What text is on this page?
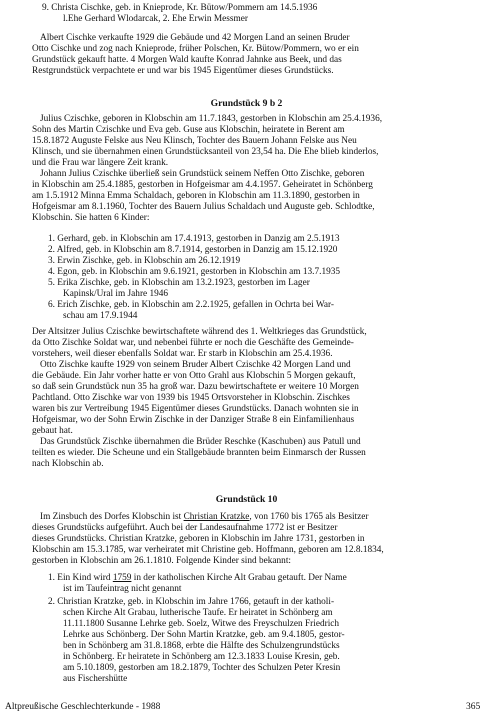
9. Christa Cischke, geb. in Knieprode, Kr. Bütow/Pommern am 14.5.1936
l.Ehe Gerhard Wlodarcak, 2. Ehe Erwin Messmer
Albert Cischke verkaufte 1929 die Gebäude und 42 Morgen Land an seinen Bruder
Otto Cischke und zog nach Knieprode, früher Polschen, Kr. Bütow/Pommern, wo er ein
Grundstück gekauft hatte. 4 Morgen Wald kaufte Konrad Jahnke aus Beek, und das
Restgrundstück verpachtete er und war bis 1945 Eigentümer dieses Grundstücks.
Grundstück 9 b 2
Julius Czischke, geboren in Klobschin am 11.7.1843, gestorben in Klobschin am 25.4.1936,
Sohn des Martin Czischke und Eva geb. Guse aus Klobschin, heiratete in Berent am
15.8.1872 Auguste Felske aus Neu Klinsch, Tochter des Bauern Johann Felske aus Neu
Klinsch, und sie übernahmen einen Grundstücksanteil von 23,54 ha. Die Ehe blieb kinderlos,
und die Frau war längere Zeit krank.
Johann Julius Czischke überließ sein Grundstück seinem Neffen Otto Zischke, geboren
in Klobschin am 25.4.1885, gestorben in Hofgeismar am 4.4.1957. Geheiratet in Schönberg
am 1.5.1912 Minna Emma Schaldach, geboren in Klobschin am 11.3.1890, gestorben in
Hofgeismar am 8.1.1960, Tochter des Bauern Julius Schaldach und Auguste geb. Schlodtke,
Klobschin. Sie hatten 6 Kinder:
1. Gerhard, geb. in Klobschin am 17.4.1913, gestorben in Danzig am 2.5.1913
2. Alfred, geb. in Klobschin am 8.7.1914, gestorben in Danzig am 15.12.1920
3. Erwin Zischke, geb. in Klobschin am 26.12.1919
4. Egon, geb. in Klobschin am 9.6.1921, gestorben in Klobschin am 13.7.1935
5. Erika Zischke, geb. in Klobschin am 13.2.1923, gestorben im Lager
Kapinsk/Ural im Jahre 1946
6. Erich Zischke, geb. in Klobschin am 2.2.1925, gefallen in Ochrta bei War-
schau am 17.9.1944
Der Altsitzer Julius Czischke bewirtschaftete während des 1. Weltkrieges das Grundstück,
da Otto Zischke Soldat war, und nebenbei führte er noch die Geschäfte des Gemeinde-
vorstehers, weil dieser ebenfalls Soldat war. Er starb in Klobschin am 25.4.1936.
Otto Zischke kaufte 1929 von seinem Bruder Albert Czischke 42 Morgen Land und
die Gebäude. Ein Jahr vorher hatte er von Otto Grahl aus Klobschin 5 Morgen gekauft,
so daß sein Grundstück nun 35 ha groß war. Dazu bewirtschaftete er weitere 10 Morgen
Pachtland. Otto Zischke war von 1939 bis 1945 Ortsvorsteher in Klobschin. Zischkes
waren bis zur Vertreibung 1945 Eigentümer dieses Grundstücks. Danach wohnten sie in
Hofgeismar, wo der Sohn Erwin Zischke in der Danziger Straße 8 ein Einfamilienhaus
gebaut hat.
Das Grundstück Zischke übernahmen die Brüder Reschke (Kaschuben) aus Patull und
teilten es wieder. Die Scheune und ein Stallgebäude brannten beim Einmarsch der Russen
nach Klobschin ab.
Grundstück 10
Im Zinsbuch des Dorfes Klobschin ist Christian Kratzke, von 1760 bis 1765 als Besitzer
dieses Grundstücks aufgeführt. Auch bei der Landesaufnahme 1772 ist er Besitzer
dieses Grundstücks. Christian Kratzke, geboren in Klobschin im Jahre 1731, gestorben in
Klobschin am 15.3.1785, war verheiratet mit Christine geb. Hoffmann, geboren am 12.8.1834,
gestorben in Klobschin am 26.1.1810. Folgende Kinder sind bekannt:
1. Ein Kind wird 1759 in der katholischen Kirche Alt Grabau getauft. Der Name
ist im Taufeintrag nicht genannt
2. Christian Kratzke, geb. in Klobschin im Jahre 1766, getauft in der katholi-
schen Kirche Alt Grabau, lutherische Taufe. Er heiratet in Schönberg am
11.11.1800 Susanne Lehrke geb. Soelz, Witwe des Freyschulzen Friedrich
Lehrke aus Schönberg. Der Sohn Martin Kratzke, geb. am 9.4.1805, gestor-
ben in Schönberg am 31.8.1868, erbte die Hälfte des Schulzengrundstücks
in Schönberg. Er heiratete in Schönberg am 12.3.1833 Louise Kresin, geb.
am 5.10.1809, gestorben am 18.2.1879, Tochter des Schulzen Peter Kresin
aus Fischershütte
Altpreußische Geschlechterkunde - 1988	365
